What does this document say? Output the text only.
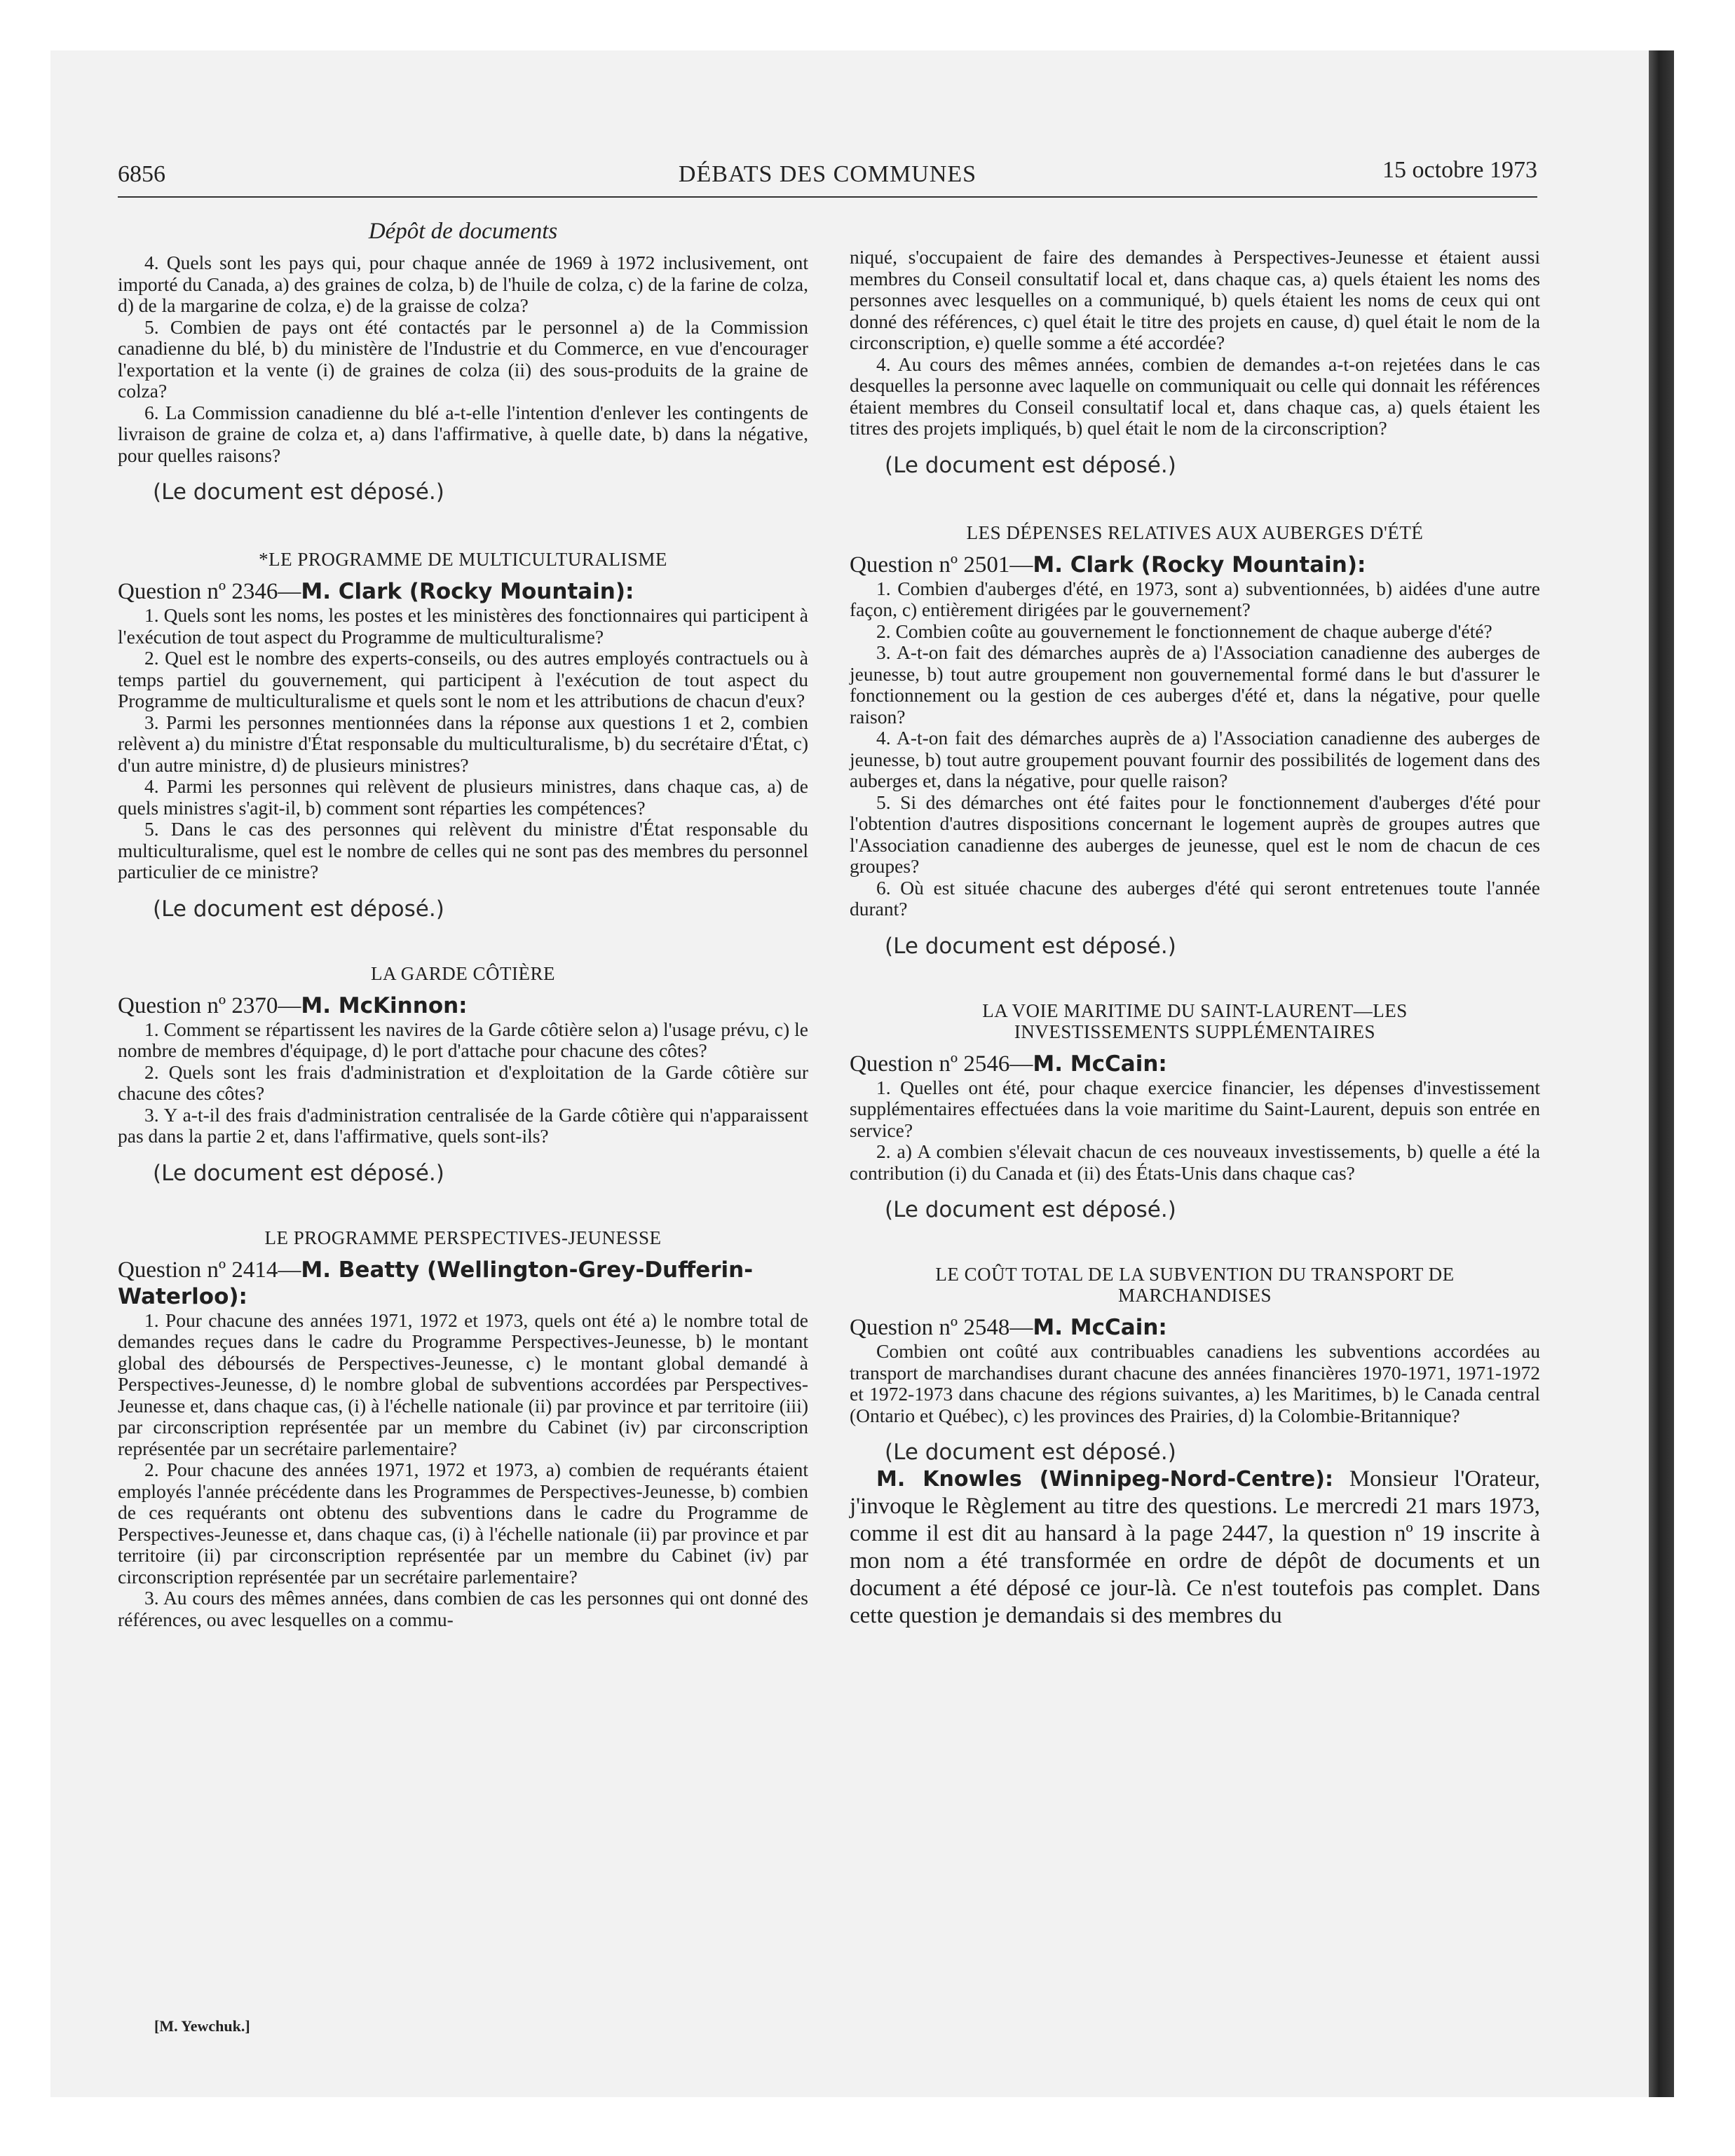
6856	DÉBATS DES COMMUNES	15 octobre 1973
Dépôt de documents

4. Quels sont les pays qui, pour chaque année de 1969 à 1972 inclusivement, ont importé du Canada, a) des graines de colza, b) de l'huile de colza, c) de la farine de colza, d) de la margarine de colza, e) de la graisse de colza?

5. Combien de pays ont été contactés par le personnel a) de la Commission canadienne du blé, b) du ministère de l'Industrie et du Commerce, en vue d'encourager l'exportation et la vente (i) de graines de colza (ii) des sous-produits de la graine de colza?

6. La Commission canadienne du blé a-t-elle l'intention d'enlever les contingents de livraison de graine de colza et, a) dans l'affirmative, à quelle date, b) dans la négative, pour quelles raisons?

(Le document est déposé.)
*LE PROGRAMME DE MULTICULTURALISME
Question nº 2346—M. Clark (Rocky Mountain):

1. Quels sont les noms, les postes et les ministères des fonctionnaires qui participent à l'exécution de tout aspect du Programme de multiculturalisme?

2. Quel est le nombre des experts-conseils, ou des autres employés contractuels ou à temps partiel du gouvernement, qui participent à l'exécution de tout aspect du Programme de multiculturalisme et quels sont le nom et les attributions de chacun d'eux?

3. Parmi les personnes mentionnées dans la réponse aux questions 1 et 2, combien relèvent a) du ministre d'État responsable du multiculturalisme, b) du secrétaire d'État, c) d'un autre ministre, d) de plusieurs ministres?

4. Parmi les personnes qui relèvent de plusieurs ministres, dans chaque cas, a) de quels ministres s'agit-il, b) comment sont réparties les compétences?

5. Dans le cas des personnes qui relèvent du ministre d'État responsable du multiculturalisme, quel est le nombre de celles qui ne sont pas des membres du personnel particulier de ce ministre?

(Le document est déposé.)
LA GARDE CÔTIÈRE
Question nº 2370—M. McKinnon:

1. Comment se répartissent les navires de la Garde côtière selon a) l'usage prévu, c) le nombre de membres d'équipage, d) le port d'attache pour chacune des côtes?

2. Quels sont les frais d'administration et d'exploitation de la Garde côtière sur chacune des côtes?

3. Y a-t-il des frais d'administration centralisée de la Garde côtière qui n'apparaissent pas dans la partie 2 et, dans l'affirmative, quels sont-ils?

(Le document est déposé.)
LE PROGRAMME PERSPECTIVES-JEUNESSE
Question nº 2414—M. Beatty (Wellington-Grey-Dufferin-Waterloo):

1. Pour chacune des années 1971, 1972 et 1973, quels ont été a) le nombre total de demandes reçues dans le cadre du Programme Perspectives-Jeunesse, b) le montant global des déboursés de Perspectives-Jeunesse, c) le montant global demandé à Perspectives-Jeunesse, d) le nombre global de subventions accordées par Perspectives-Jeunesse et, dans chaque cas, (i) à l'échelle nationale (ii) par province et par territoire (iii) par circonscription représentée par un membre du Cabinet (iv) par circonscription représentée par un secrétaire parlementaire?

2. Pour chacune des années 1971, 1972 et 1973, a) combien de requérants étaient employés l'année précédente dans les Programmes de Perspectives-Jeunesse, b) combien de ces requérants ont obtenu des subventions dans le cadre du Programme de Perspectives-Jeunesse et, dans chaque cas, (i) à l'échelle nationale (ii) par province et par territoire (ii) par circonscription représentée par un membre du Cabinet (iv) par circonscription représentée par un secrétaire parlementaire?

3. Au cours des mêmes années, dans combien de cas les personnes qui ont donné des références, ou avec lesquelles on a commu-

niqué, s'occupaient de faire des demandes à Perspectives-Jeunesse et étaient aussi membres du Conseil consultatif local et, dans chaque cas, a) quels étaient les noms des personnes avec lesquelles on a communiqué, b) quels étaient les noms de ceux qui ont donné des références, c) quel était le titre des projets en cause, d) quel était le nom de la circonscription, e) quelle somme a été accordée?

4. Au cours des mêmes années, combien de demandes a-t-on rejetées dans le cas desquelles la personne avec laquelle on communiquait ou celle qui donnait les références étaient membres du Conseil consultatif local et, dans chaque cas, a) quels étaient les titres des projets impliqués, b) quel était le nom de la circonscription?

(Le document est déposé.)
LES DÉPENSES RELATIVES AUX AUBERGES D'ÉTÉ
Question nº 2501—M. Clark (Rocky Mountain):

1. Combien d'auberges d'été, en 1973, sont a) subventionnées, b) aidées d'une autre façon, c) entièrement dirigées par le gouvernement?

2. Combien coûte au gouvernement le fonctionnement de chaque auberge d'été?

3. A-t-on fait des démarches auprès de a) l'Association canadienne des auberges de jeunesse, b) tout autre groupement non gouvernemental formé dans le but d'assurer le fonctionnement ou la gestion de ces auberges d'été et, dans la négative, pour quelle raison?

4. A-t-on fait des démarches auprès de a) l'Association canadienne des auberges de jeunesse, b) tout autre groupement pouvant fournir des possibilités de logement dans des auberges et, dans la négative, pour quelle raison?

5. Si des démarches ont été faites pour le fonctionnement d'auberges d'été pour l'obtention d'autres dispositions concernant le logement auprès de groupes autres que l'Association canadienne des auberges de jeunesse, quel est le nom de chacun de ces groupes?

6. Où est située chacune des auberges d'été qui seront entretenues toute l'année durant?

(Le document est déposé.)
LA VOIE MARITIME DU SAINT-LAURENT—LES
INVESTISSEMENTS SUPPLÉMENTAIRES
Question nº 2546—M. McCain:

1. Quelles ont été, pour chaque exercice financier, les dépenses d'investissement supplémentaires effectuées dans la voie maritime du Saint-Laurent, depuis son entrée en service?

2. a) A combien s'élevait chacun de ces nouveaux investissements, b) quelle a été la contribution (i) du Canada et (ii) des États-Unis dans chaque cas?

(Le document est déposé.)
LE COÛT TOTAL DE LA SUBVENTION DU TRANSPORT DE
MARCHANDISES
Question nº 2548—M. McCain:

Combien ont coûté aux contribuables canadiens les subventions accordées au transport de marchandises durant chacune des années financières 1970-1971, 1971-1972 et 1972-1973 dans chacune des régions suivantes, a) les Maritimes, b) le Canada central (Ontario et Québec), c) les provinces des Prairies, d) la Colombie-Britannique?

(Le document est déposé.)

M. Knowles (Winnipeg-Nord-Centre): Monsieur l'Orateur, j'invoque le Règlement au titre des questions. Le mercredi 21 mars 1973, comme il est dit au hansard à la page 2447, la question nº 19 inscrite à mon nom a été transformée en ordre de dépôt de documents et un document a été déposé ce jour-là. Ce n'est toutefois pas complet. Dans cette question je demandais si des membres du

[M. Yewchuk.]
